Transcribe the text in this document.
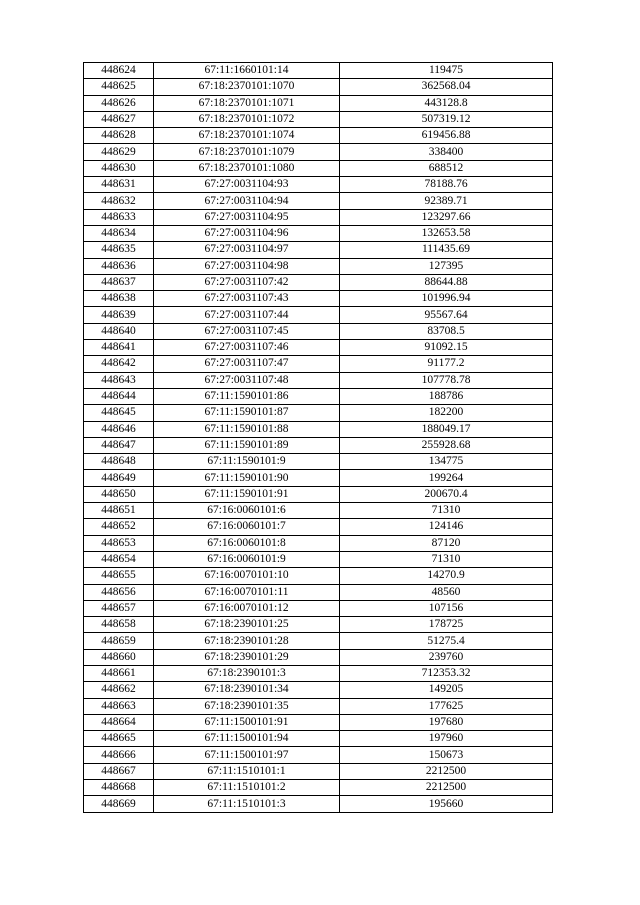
448624	67:11:1660101:14	119475
448625	67:18:2370101:1070	362568.04
448626	67:18:2370101:1071	443128.8
448627	67:18:2370101:1072	507319.12
448628	67:18:2370101:1074	619456.88
448629	67:18:2370101:1079	338400
448630	67:18:2370101:1080	688512
448631	67:27:0031104:93	78188.76
448632	67:27:0031104:94	92389.71
448633	67:27:0031104:95	123297.66
448634	67:27:0031104:96	132653.58
448635	67:27:0031104:97	111435.69
448636	67:27:0031104:98	127395
448637	67:27:0031107:42	88644.88
448638	67:27:0031107:43	101996.94
448639	67:27:0031107:44	95567.64
448640	67:27:0031107:45	83708.5
448641	67:27:0031107:46	91092.15
448642	67:27:0031107:47	91177.2
448643	67:27:0031107:48	107778.78
448644	67:11:1590101:86	188786
448645	67:11:1590101:87	182200
448646	67:11:1590101:88	188049.17
448647	67:11:1590101:89	255928.68
448648	67:11:1590101:9	134775
448649	67:11:1590101:90	199264
448650	67:11:1590101:91	200670.4
448651	67:16:0060101:6	71310
448652	67:16:0060101:7	124146
448653	67:16:0060101:8	87120
448654	67:16:0060101:9	71310
448655	67:16:0070101:10	14270.9
448656	67:16:0070101:11	48560
448657	67:16:0070101:12	107156
448658	67:18:2390101:25	178725
448659	67:18:2390101:28	51275.4
448660	67:18:2390101:29	239760
448661	67:18:2390101:3	712353.32
448662	67:18:2390101:34	149205
448663	67:18:2390101:35	177625
448664	67:11:1500101:91	197680
448665	67:11:1500101:94	197960
448666	67:11:1500101:97	150673
448667	67:11:1510101:1	2212500
448668	67:11:1510101:2	2212500
448669	67:11:1510101:3	195660
